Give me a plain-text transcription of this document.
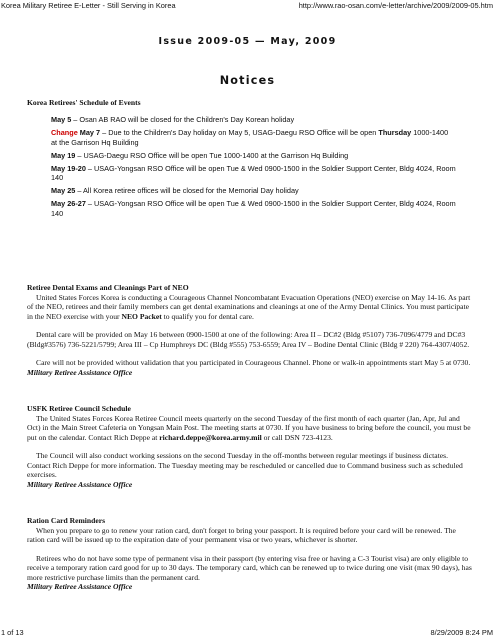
Korea Military Retiree E-Letter - Still Serving in Korea	http://www.rao-osan.com/e-letter/archive/2009/2009-05.htm
Issue 2009-05 — May, 2009
Notices
Korea Retirees' Schedule of Events
May 5 – Osan AB RAO will be closed for the Children's Day Korean holiday
Change May 7 – Due to the Children's Day holiday on May 5, USAG-Daegu RSO Office will be open Thursday 1000-1400 at the Garrison Hq Building
May 19 – USAG-Daegu RSO Office will be open Tue 1000-1400 at the Garrison Hq Building
May 19-20 – USAG-Yongsan RSO Office will be open Tue & Wed 0900-1500 in the Soldier Support Center, Bldg 4024, Room 140
May 25 – All Korea retiree offices will be closed for the Memorial Day holiday
May 26-27 – USAG-Yongsan RSO Office will be open Tue & Wed 0900-1500 in the Soldier Support Center, Bldg 4024, Room 140
Retiree Dental Exams and Cleanings Part of NEO

United States Forces Korea is conducting a Courageous Channel Noncombatant Evacuation Operations (NEO) exercise on May 14-16. As part of the NEO, retirees and their family members can get dental examinations and cleanings at one of the Army Dental Clinics. You must participate in the NEO exercise with your NEO Packet to qualify you for dental care.

Dental care will be provided on May 16 between 0900-1500 at one of the following: Area II – DC#2 (Bldg #5107) 736-7096/4779 and DC#3 (Bldg#3576) 736-5221/5799; Area III – Cp Humphreys DC (Bldg #555) 753-6559; Area IV – Bodine Dental Clinic (Bldg # 220) 764-4307/4052.

Care will not be provided without validation that you participated in Courageous Channel. Phone or walk-in appointments start May 5 at 0730.

Military Retiree Assistance Office
USFK Retiree Council Schedule

The United States Forces Korea Retiree Council meets quarterly on the second Tuesday of the first month of each quarter (Jan, Apr, Jul and Oct) in the Main Street Cafeteria on Yongsan Main Post. The meeting starts at 0730. If you have business to bring before the council, you must be put on the calendar. Contact Rich Deppe at richard.deppe@korea.army.mil or call DSN 723-4123.

The Council will also conduct working sessions on the second Tuesday in the off-months between regular meetings if business dictates. Contact Rich Deppe for more information. The Tuesday meeting may be rescheduled or cancelled due to Command business such as scheduled exercises.

Military Retiree Assistance Office
Ration Card Reminders

When you prepare to go to renew your ration card, don't forget to bring your passport. It is required before your card will be renewed. The ration card will be issued up to the expiration date of your permanent visa or two years, whichever is shorter.

Retirees who do not have some type of permanent visa in their passport (by entering visa free or having a C-3 Tourist visa) are only eligible to receive a temporary ration card good for up to 30 days. The temporary card, which can be renewed up to twice during one visit (max 90 days), has more restrictive purchase limits than the permanent card.

Military Retiree Assistance Office
1 of 13	8/29/2009 8:24 PM
